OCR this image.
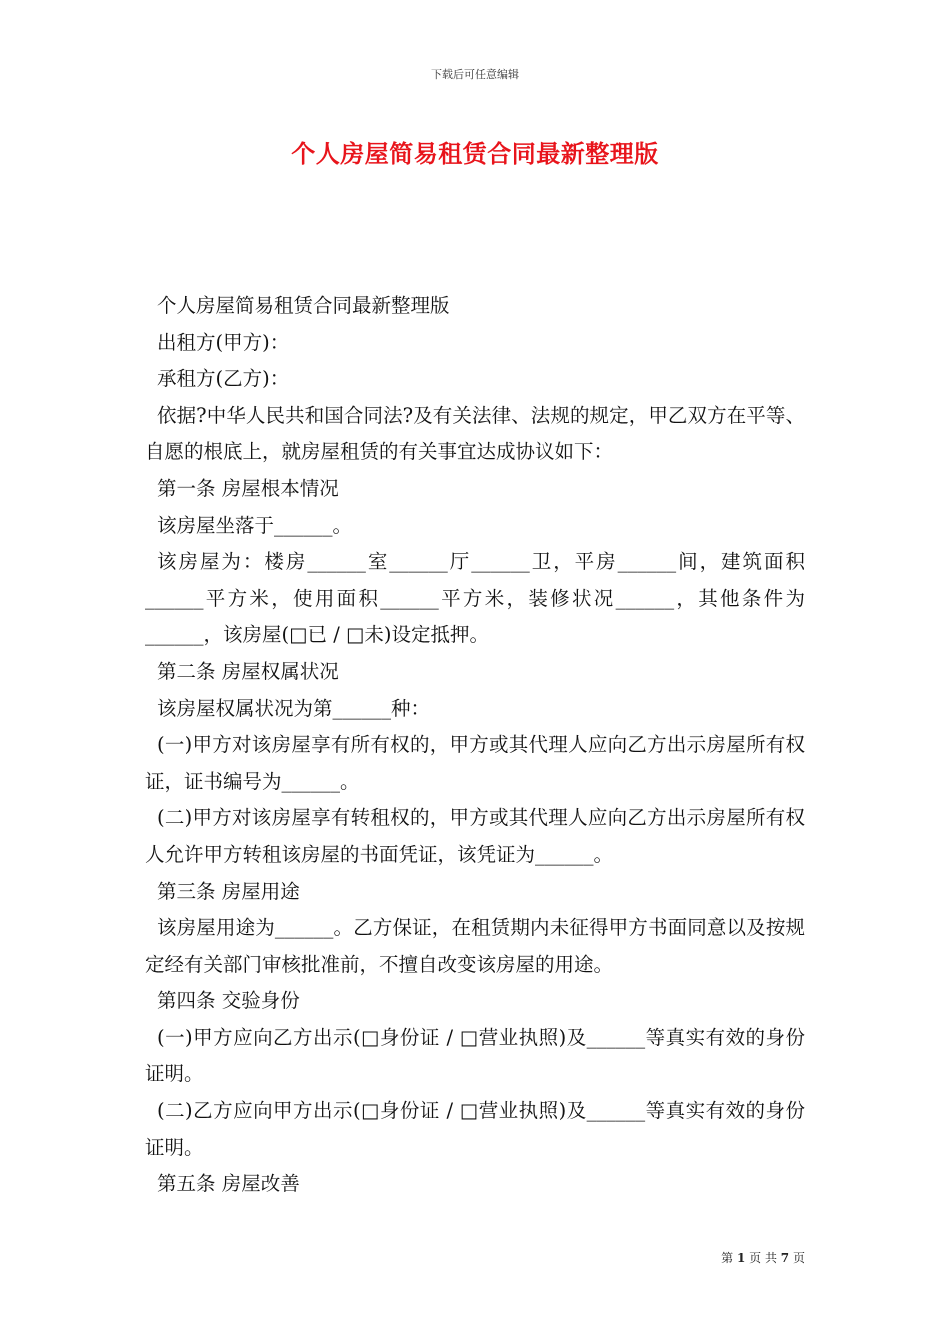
下载后可任意编辑
个人房屋简易租赁合同最新整理版

个人房屋简易租赁合同最新整理版

出租方(甲方)：

承租方(乙方)：

依据?中华人民共和国合同法?及有关法律、法规的规定，甲乙双方在平等、自愿的根底上，就房屋租赁的有关事宜达成协议如下：

第一条 房屋根本情况

该房屋坐落于______。

该房屋为：楼房______室______厅______卫，平房______间，建筑面积______平方米，使用面积______平方米，装修状况______，其他条件为______，该房屋(□已 / □未)设定抵押。

第二条 房屋权属状况

该房屋权属状况为第______种：

(一)甲方对该房屋享有所有权的，甲方或其代理人应向乙方出示房屋所有权证，证书编号为______。

(二)甲方对该房屋享有转租权的，甲方或其代理人应向乙方出示房屋所有权人允许甲方转租该房屋的书面凭证，该凭证为______。

第三条 房屋用途

该房屋用途为______。乙方保证，在租赁期内未征得甲方书面同意以及按规定经有关部门审核批准前，不擅自改变该房屋的用途。

第四条 交验身份

(一)甲方应向乙方出示(□身份证 / □营业执照)及______等真实有效的身份证明。

(二)乙方应向甲方出示(□身份证 / □营业执照)及______等真实有效的身份证明。

第五条 房屋改善

第 1 页 共 7 页
